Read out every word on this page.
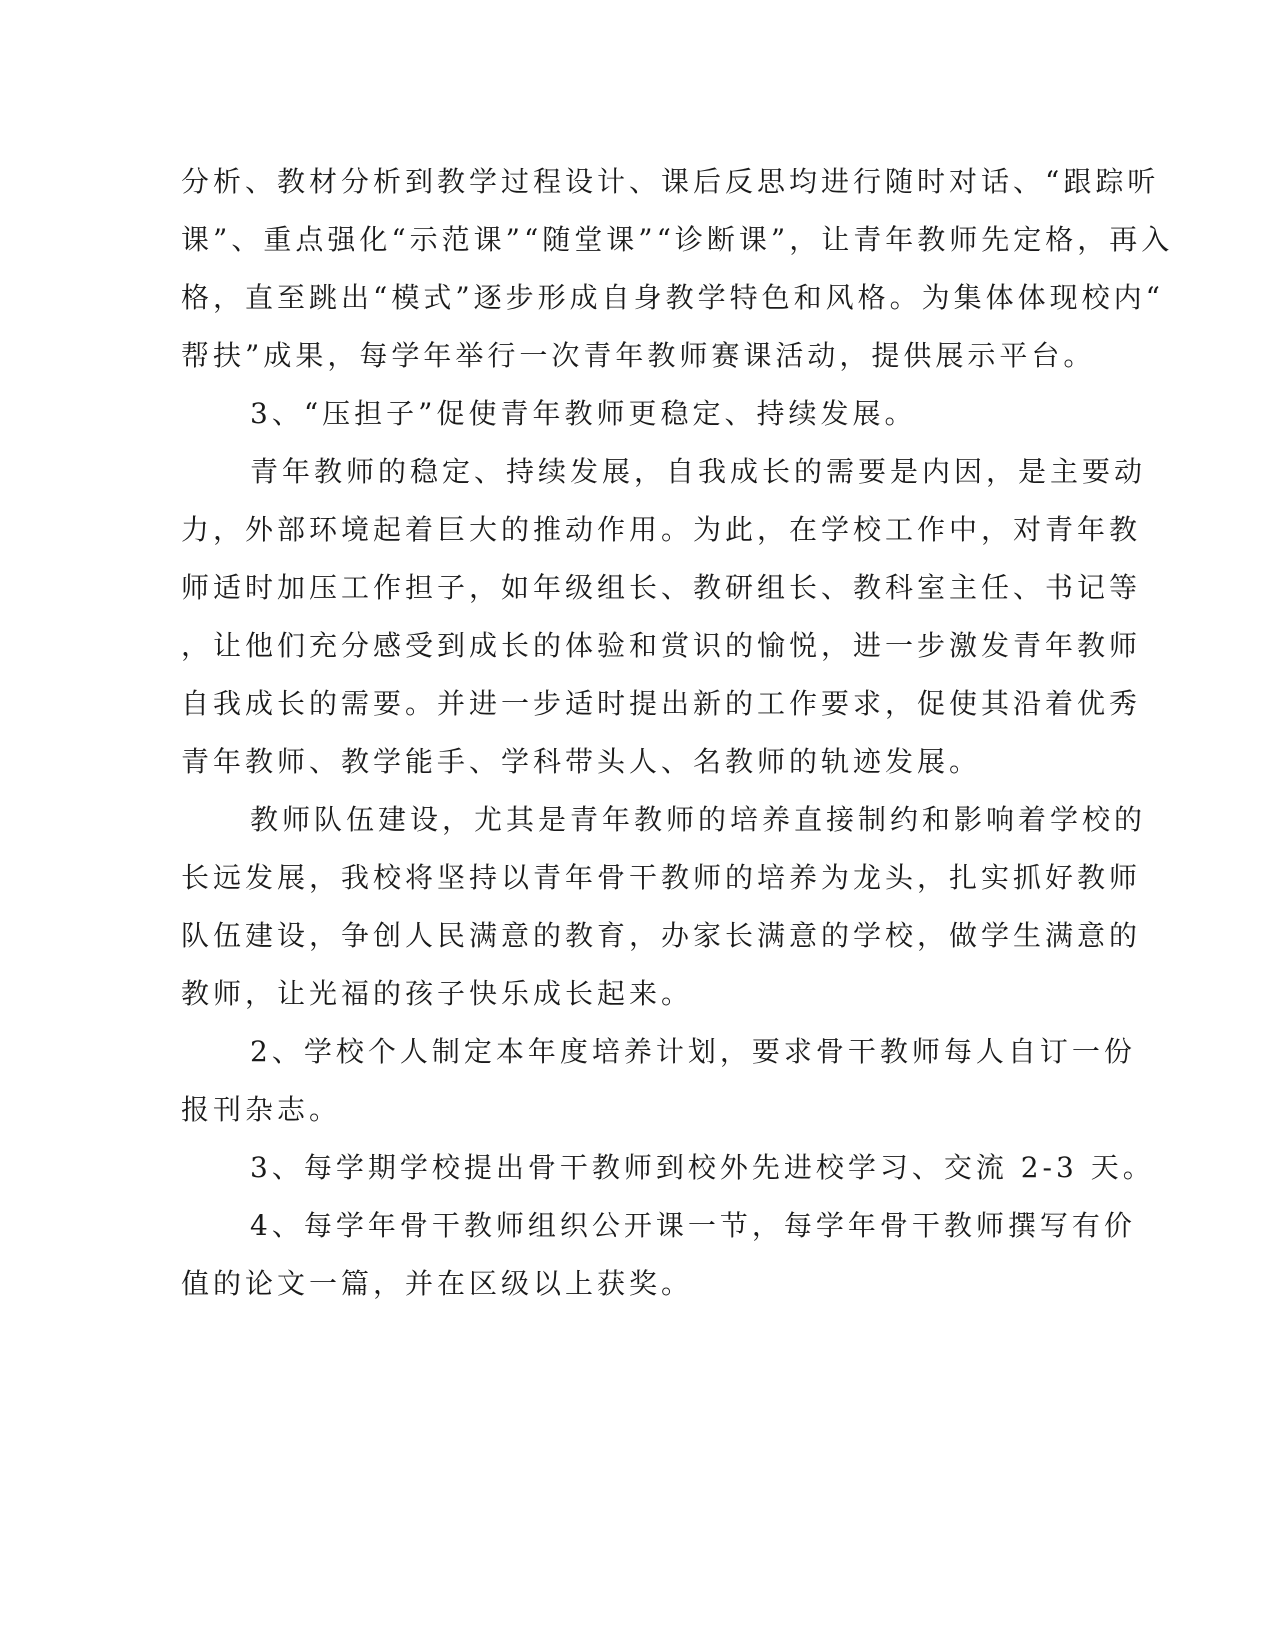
分析、教材分析到教学过程设计、课后反思均进行随时对话、“跟踪听
课”、重点强化“示范课”“随堂课”“诊断课”，让青年教师先定格，再入
格，直至跳出“模式”逐步形成自身教学特色和风格。为集体体现校内“
帮扶”成果，每学年举行一次青年教师赛课活动，提供展示平台。
3、“压担子”促使青年教师更稳定、持续发展。
青年教师的稳定、持续发展，自我成长的需要是内因，是主要动
力，外部环境起着巨大的推动作用。为此，在学校工作中，对青年教
师适时加压工作担子，如年级组长、教研组长、教科室主任、书记等
，让他们充分感受到成长的体验和赏识的愉悦，进一步激发青年教师
自我成长的需要。并进一步适时提出新的工作要求，促使其沿着优秀
青年教师、教学能手、学科带头人、名教师的轨迹发展。
教师队伍建设，尤其是青年教师的培养直接制约和影响着学校的
长远发展，我校将坚持以青年骨干教师的培养为龙头，扎实抓好教师
队伍建设，争创人民满意的教育，办家长满意的学校，做学生满意的
教师，让光福的孩子快乐成长起来。
2、学校个人制定本年度培养计划，要求骨干教师每人自订一份
报刊杂志。
3、每学期学校提出骨干教师到校外先进校学习、交流 2-3 天。
4、每学年骨干教师组织公开课一节，每学年骨干教师撰写有价
值的论文一篇，并在区级以上获奖。
